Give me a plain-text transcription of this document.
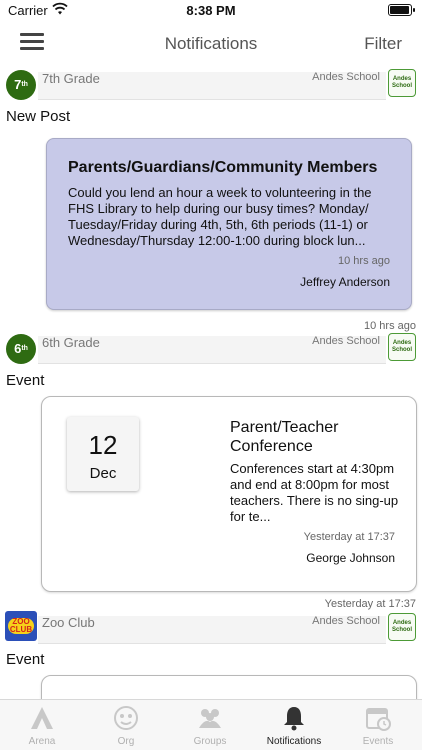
Carrier	8:38 PM
Notifications	Filter
7th	7th Grade	Andes School	Andes
School
New Post
Parents/Guardians/Community Members
Could you lend an hour a week to volunteering in the FHS Library to help during our busy times? Monday/ Tuesday/Friday during 4th, 5th, 6th periods (11-1) or Wednesday/Thursday 12:00-1:00 during block lun...
10 hrs ago
Jeffrey Anderson
10 hrs ago
6th	6th Grade	Andes School	Andes
School
Event
12
Dec
Parent/Teacher Conference
Conferences start at 4:30pm and end at 8:00pm for most teachers. There is no sing-up for te...
Yesterday at 17:37
George Johnson
Yesterday at 17:37
ZOO
CLUB Zoo Club	Andes School	Andes
School
Event
Arena	Org	Groups	Notifications	Events
